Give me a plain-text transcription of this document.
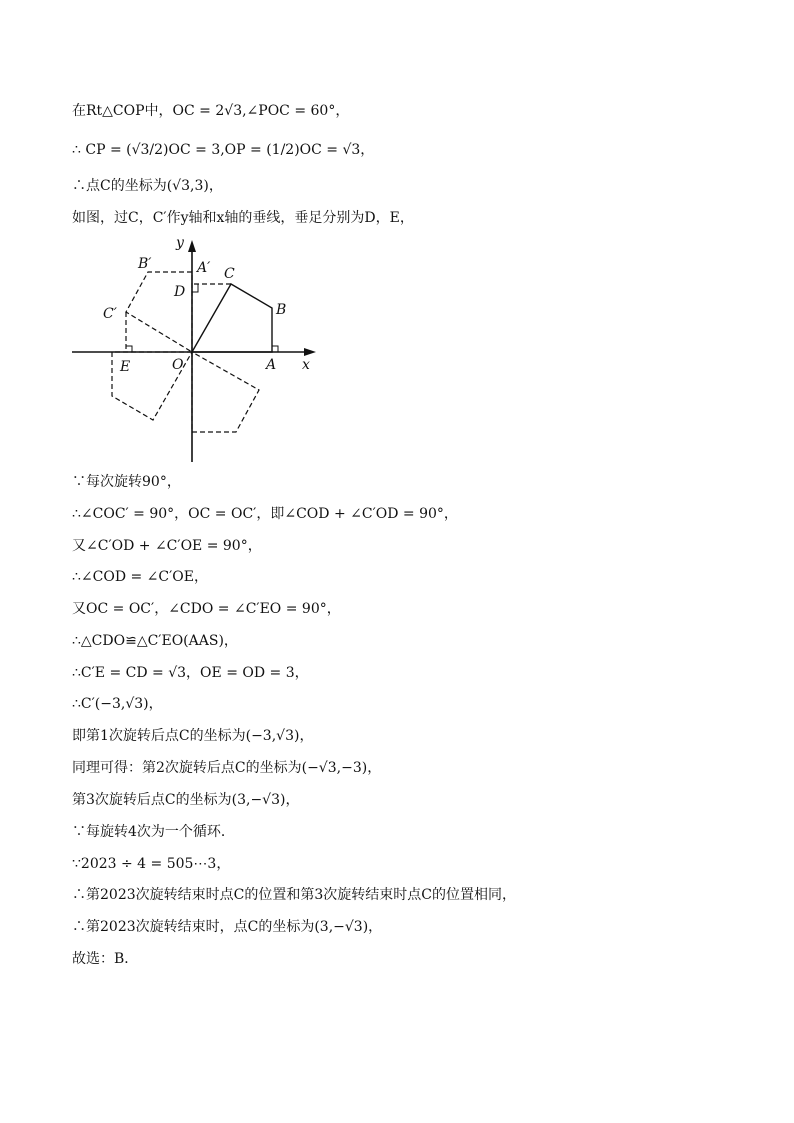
在Rt△COP中，OC = 2√3,∠POC = 60°，
∴ CP = (√3/2)OC = 3,OP = (1/2)OC = √3，
∴点C的坐标为(√3,3)，
如图，过C，C′作y轴和x轴的垂线，垂足分别为D，E，
y
x
O	A
B
C
D
E
A′
B′
C′
∵每次旋转90°，
∴∠COC′ = 90°，OC = OC′，即∠COD + ∠C′OD = 90°，
又∠C′OD + ∠C′OE = 90°，
∴∠COD = ∠C′OE，
又OC = OC′，∠CDO = ∠C′EO = 90°，
∴△CDO≌△C′EO(AAS)，
∴C′E = CD = √3，OE = OD = 3，
∴C′(−3,√3)，
即第1次旋转后点C的坐标为(−3,√3)，
同理可得：第2次旋转后点C的坐标为(−√3,−3)，
第3次旋转后点C的坐标为(3,−√3)，
∵每旋转4次为一个循环．
∵2023 ÷ 4 = 505⋯3，
∴第2023次旋转结束时点C的位置和第3次旋转结束时点C的位置相同，
∴第2023次旋转结束时，点C的坐标为(3,−√3)，
故选：B．
